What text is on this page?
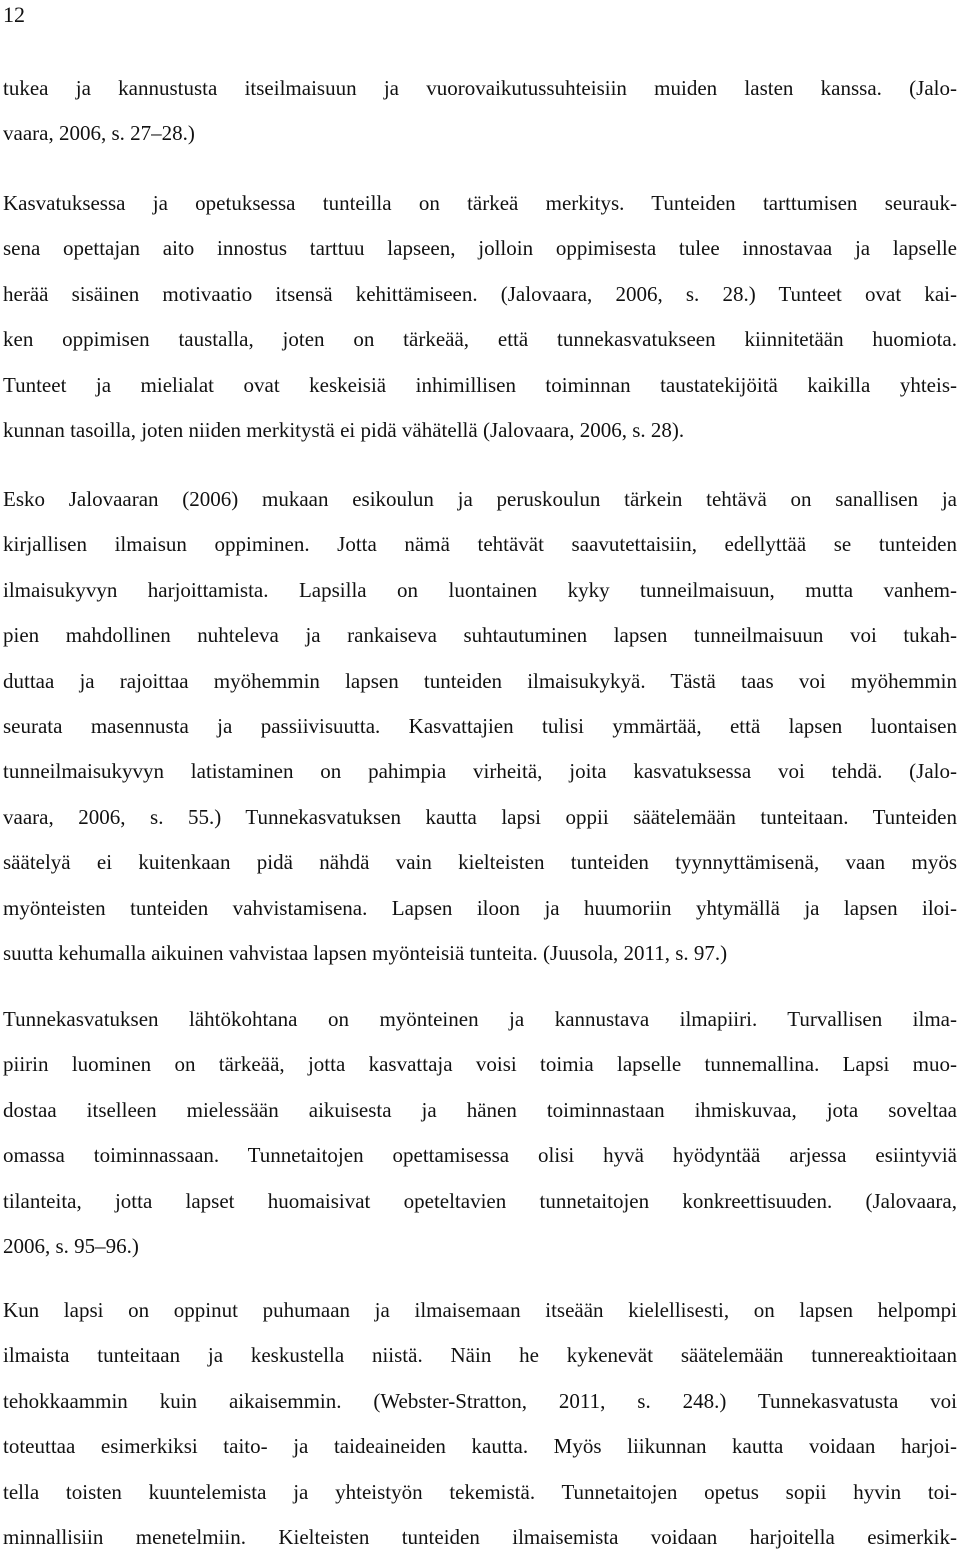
12

tukea ja kannustusta itseilmaisuun ja vuorovaikutussuhteisiin muiden lasten kanssa. (Jalo-
vaara, 2006, s. 27–28.)

Kasvatuksessa ja opetuksessa tunteilla on tärkeä merkitys. Tunteiden tarttumisen seurauk-
sena opettajan aito innostus tarttuu lapseen, jolloin oppimisesta tulee innostavaa ja lapselle
herää sisäinen motivaatio itsensä kehittämiseen. (Jalovaara, 2006, s. 28.) Tunteet ovat kai-
ken oppimisen taustalla, joten on tärkeää, että tunnekasvatukseen kiinnitetään huomiota.
Tunteet ja mielialat ovat keskeisiä inhimillisen toiminnan taustatekijöitä kaikilla yhteis-
kunnan tasoilla, joten niiden merkitystä ei pidä vähätellä (Jalovaara, 2006, s. 28).

Esko Jalovaaran (2006) mukaan esikoulun ja peruskoulun tärkein tehtävä on sanallisen ja
kirjallisen ilmaisun oppiminen. Jotta nämä tehtävät saavutettaisiin, edellyttää se tunteiden
ilmaisukyvyn harjoittamista. Lapsilla on luontainen kyky tunneilmaisuun, mutta vanhem-
pien mahdollinen nuhteleva ja rankaiseva suhtautuminen lapsen tunneilmaisuun voi tukah-
duttaa ja rajoittaa myöhemmin lapsen tunteiden ilmaisukykyä. Tästä taas voi myöhemmin
seurata masennusta ja passiivisuutta. Kasvattajien tulisi ymmärtää, että lapsen luontaisen
tunneilmaisukyvyn latistaminen on pahimpia virheitä, joita kasvatuksessa voi tehdä. (Jalo-
vaara, 2006, s. 55.) Tunnekasvatuksen kautta lapsi oppii säätelemään tunteitaan. Tunteiden
säätelyä ei kuitenkaan pidä nähdä vain kielteisten tunteiden tyynnyttämisenä, vaan myös
myönteisten tunteiden vahvistamisena. Lapsen iloon ja huumoriin yhtymällä ja lapsen iloi-
suutta kehumalla aikuinen vahvistaa lapsen myönteisiä tunteita. (Juusola, 2011, s. 97.)

Tunnekasvatuksen lähtökohtana on myönteinen ja kannustava ilmapiiri. Turvallisen ilma-
piirin luominen on tärkeää, jotta kasvattaja voisi toimia lapselle tunnemallina. Lapsi muo-
dostaa itselleen mielessään aikuisesta ja hänen toiminnastaan ihmiskuvaa, jota soveltaa
omassa toiminnassaan. Tunnetaitojen opettamisessa olisi hyvä hyödyntää arjessa esiintyviä
tilanteita, jotta lapset huomaisivat opeteltavien tunnetaitojen konkreettisuuden. (Jalovaara,
2006, s. 95–96.)

Kun lapsi on oppinut puhumaan ja ilmaisemaan itseään kielellisesti, on lapsen helpompi
ilmaista tunteitaan ja keskustella niistä. Näin he kykenevät säätelemään tunnereaktioitaan
tehokkaammin kuin aikaisemmin. (Webster-Stratton, 2011, s. 248.) Tunnekasvatusta voi
toteuttaa esimerkiksi taito- ja taideaineiden kautta. Myös liikunnan kautta voidaan harjoi-
tella toisten kuuntelemista ja yhteistyön tekemistä. Tunnetaitojen opetus sopii hyvin toi-
minnallisiin menetelmiin. Kielteisten tunteiden ilmaisemista voidaan harjoitella esimerkik-
